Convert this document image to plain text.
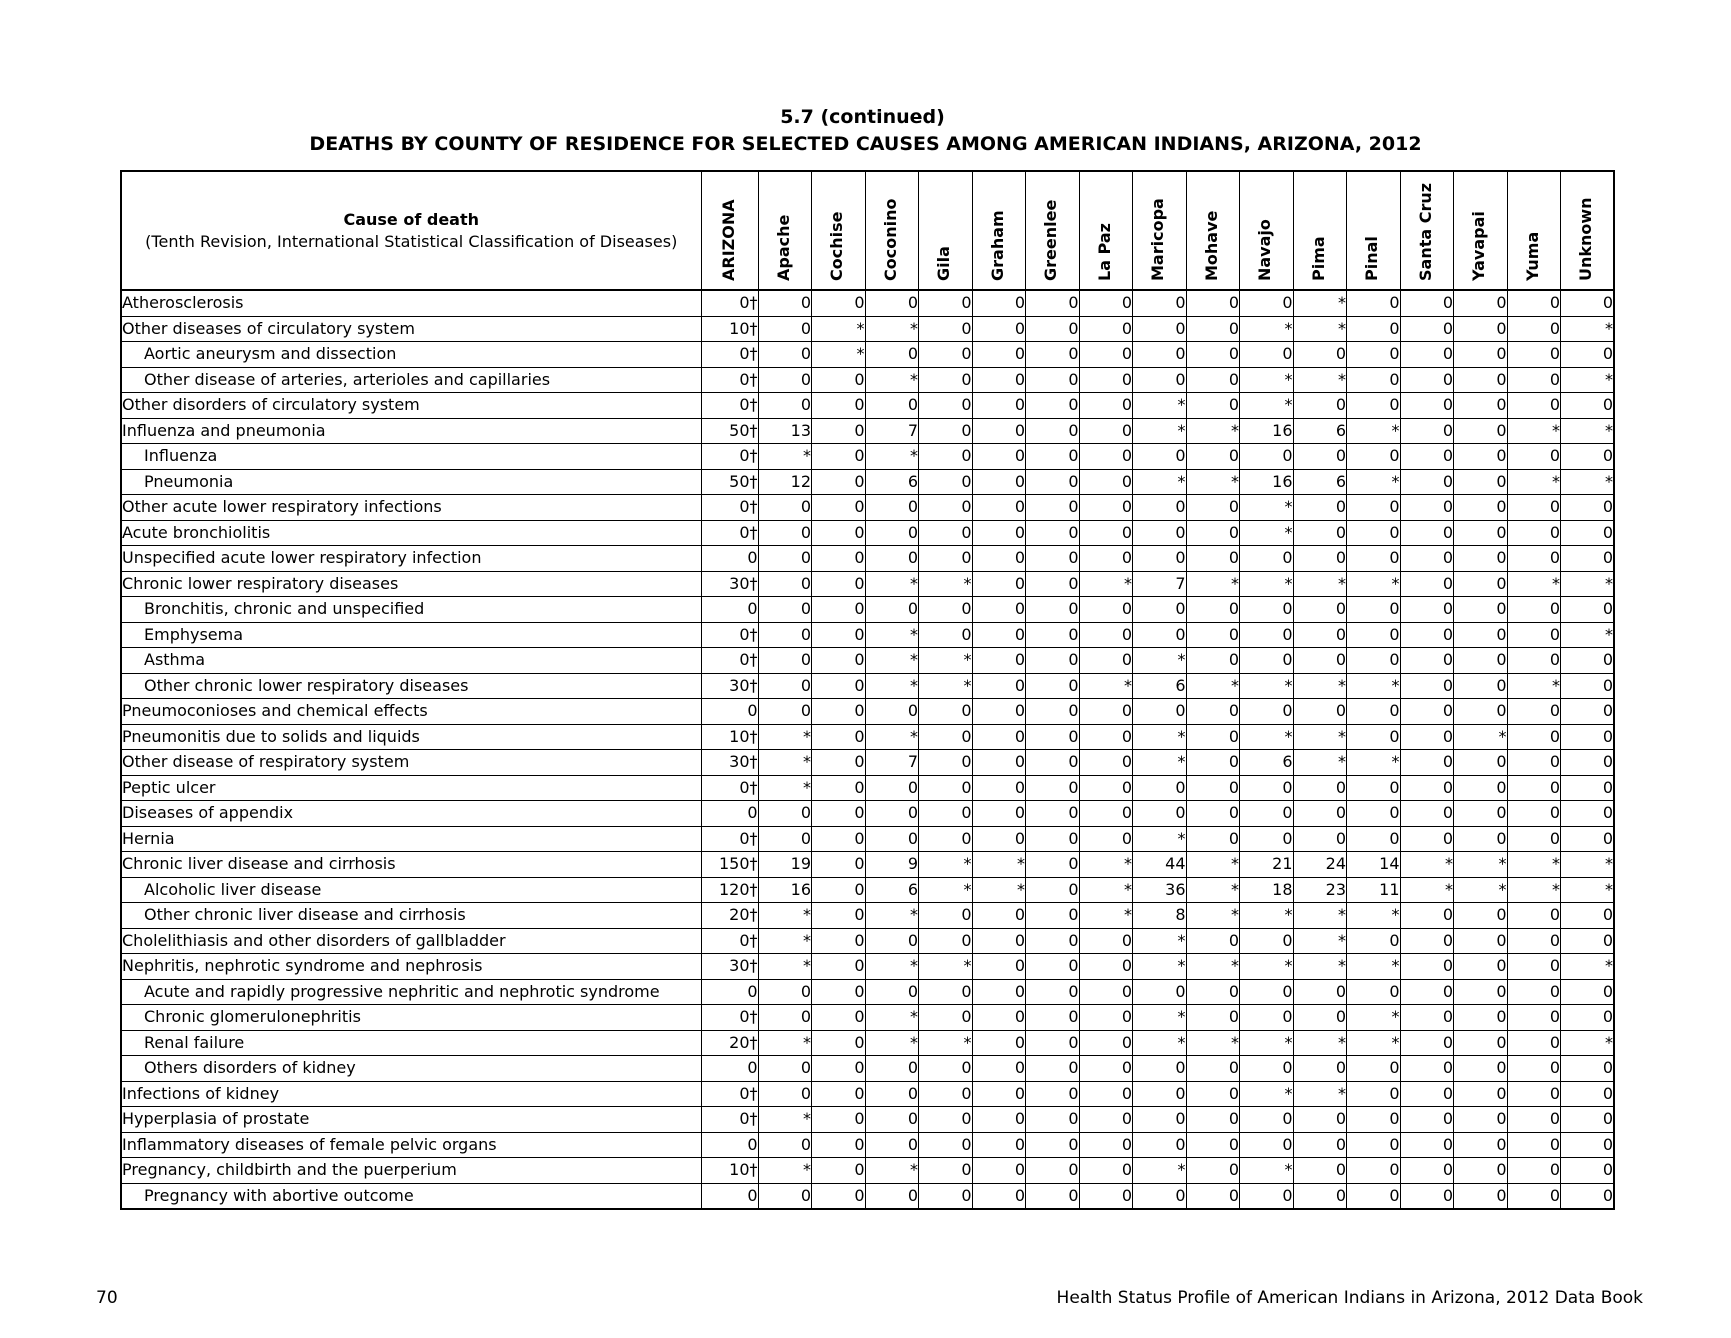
5.7 (continued)
DEATHS BY COUNTY OF RESIDENCE FOR SELECTED CAUSES AMONG AMERICAN INDIANS, ARIZONA, 2012
Cause of death
(Tenth Revision, International Statistical Classification of Diseases)	ARIZONA	Apache	Cochise	Coconino	Gila	Graham	Greenlee	La Paz	Maricopa	Mohave	Navajo	Pima	Pinal	Santa Cruz	Yavapai	Yuma	Unknown

Atherosclerosis	0†	0	0	0	0	0	0	0	0	0	0	*	0	0	0	0	0
Other diseases of circulatory system	10†	0	*	*	0	0	0	0	0	0	*	*	0	0	0	0	*
Aortic aneurysm and dissection	0†	0	*	0	0	0	0	0	0	0	0	0	0	0	0	0	0
Other disease of arteries, arterioles and capillaries	0†	0	0	*	0	0	0	0	0	0	*	*	0	0	0	0	*
Other disorders of circulatory system	0†	0	0	0	0	0	0	0	*	0	*	0	0	0	0	0	0
Influenza and pneumonia	50†	13	0	7	0	0	0	0	*	*	16	6	*	0	0	*	*
Influenza	0†	*	0	*	0	0	0	0	0	0	0	0	0	0	0	0	0
Pneumonia	50†	12	0	6	0	0	0	0	*	*	16	6	*	0	0	*	*
Other acute lower respiratory infections	0†	0	0	0	0	0	0	0	0	0	*	0	0	0	0	0	0
Acute bronchiolitis	0†	0	0	0	0	0	0	0	0	0	*	0	0	0	0	0	0
Unspecified acute lower respiratory infection	0	0	0	0	0	0	0	0	0	0	0	0	0	0	0	0	0
Chronic lower respiratory diseases	30†	0	0	*	*	0	0	*	7	*	*	*	*	0	0	*	*
Bronchitis, chronic and unspecified	0	0	0	0	0	0	0	0	0	0	0	0	0	0	0	0	0
Emphysema	0†	0	0	*	0	0	0	0	0	0	0	0	0	0	0	0	*
Asthma	0†	0	0	*	*	0	0	0	*	0	0	0	0	0	0	0	0
Other chronic lower respiratory diseases	30†	0	0	*	*	0	0	*	6	*	*	*	*	0	0	*	0
Pneumoconioses and chemical effects	0	0	0	0	0	0	0	0	0	0	0	0	0	0	0	0	0
Pneumonitis due to solids and liquids	10†	*	0	*	0	0	0	0	*	0	*	*	0	0	*	0	0
Other disease of respiratory system	30†	*	0	7	0	0	0	0	*	0	6	*	*	0	0	0	0
Peptic ulcer	0†	*	0	0	0	0	0	0	0	0	0	0	0	0	0	0	0
Diseases of appendix	0	0	0	0	0	0	0	0	0	0	0	0	0	0	0	0	0
Hernia	0†	0	0	0	0	0	0	0	*	0	0	0	0	0	0	0	0
Chronic liver disease and cirrhosis	150†	19	0	9	*	*	0	*	44	*	21	24	14	*	*	*	*
Alcoholic liver disease	120†	16	0	6	*	*	0	*	36	*	18	23	11	*	*	*	*
Other chronic liver disease and cirrhosis	20†	*	0	*	0	0	0	*	8	*	*	*	*	0	0	0	0
Cholelithiasis and other disorders of gallbladder	0†	*	0	0	0	0	0	0	*	0	0	*	0	0	0	0	0
Nephritis, nephrotic syndrome and nephrosis	30†	*	0	*	*	0	0	0	*	*	*	*	*	0	0	0	*
Acute and rapidly progressive nephritic and nephrotic syndrome	0	0	0	0	0	0	0	0	0	0	0	0	0	0	0	0	0
Chronic glomerulonephritis	0†	0	0	*	0	0	0	0	*	0	0	0	*	0	0	0	0
Renal failure	20†	*	0	*	*	0	0	0	*	*	*	*	*	0	0	0	*
Others disorders of kidney	0	0	0	0	0	0	0	0	0	0	0	0	0	0	0	0	0
Infections of kidney	0†	0	0	0	0	0	0	0	0	0	*	*	0	0	0	0	0
Hyperplasia of prostate	0†	*	0	0	0	0	0	0	0	0	0	0	0	0	0	0	0
Inflammatory diseases of female pelvic organs	0	0	0	0	0	0	0	0	0	0	0	0	0	0	0	0	0
Pregnancy, childbirth and the puerperium	10†	*	0	*	0	0	0	0	*	0	*	0	0	0	0	0	0
Pregnancy with abortive outcome	0	0	0	0	0	0	0	0	0	0	0	0	0	0	0	0	0
70	Health Status Profile of American Indians in Arizona, 2012 Data Book
